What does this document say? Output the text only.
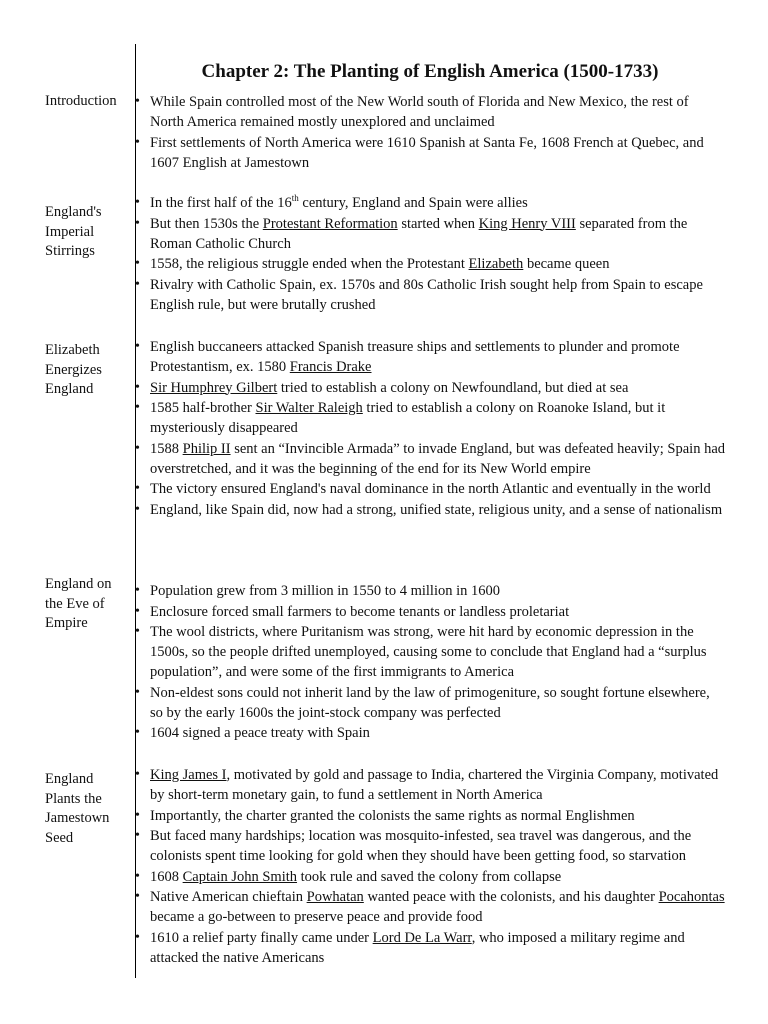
Chapter 2: The Planting of English America (1500-1733)
Introduction
•	While Spain controlled most of the New World south of Florida and New Mexico, the rest of North America remained mostly unexplored and unclaimed
• First settlements of North America were 1610 Spanish at Santa Fe, 1608 French at Quebec, and 1607 English at Jamestown
England's Imperial Stirrings
• In the first half of the 16th century, England and Spain were allies
• But then 1530s the Protestant Reformation started when King Henry VIII separated from the Roman Catholic Church
• 1558, the religious struggle ended when the Protestant Elizabeth became queen
• Rivalry with Catholic Spain, ex. 1570s and 80s Catholic Irish sought help from Spain to escape English rule, but were brutally crushed
Elizabeth Energizes England
• English buccaneers attacked Spanish treasure ships and settlements to plunder and promote Protestantism, ex. 1580 Francis Drake
• Sir Humphrey Gilbert tried to establish a colony on Newfoundland, but died at sea
• 1585 half-brother Sir Walter Raleigh tried to establish a colony on Roanoke Island, but it mysteriously disappeared
• 1588 Philip II sent an “Invincible Armada” to invade England, but was defeated heavily; Spain had overstretched, and it was the beginning of the end for its New World empire
• The victory ensured England's naval dominance in the north Atlantic and eventually in the world
• England, like Spain did, now had a strong, unified state, religious unity, and a sense of nationalism
England on the Eve of Empire
• Population grew from 3 million in 1550 to 4 million in 1600
• Enclosure forced small farmers to become tenants or landless proletariat
• The wool districts, where Puritanism was strong, were hit hard by economic depression in the 1500s, so the people drifted unemployed, causing some to conclude that England had a “surplus population”, and were some of the first immigrants to America
• Non-eldest sons could not inherit land by the law of primogeniture, so sought fortune elsewhere, so by the early 1600s the joint-stock company was perfected
• 1604 signed a peace treaty with Spain
England Plants the Jamestown Seed
• King James I, motivated by gold and passage to India, chartered the Virginia Company, motivated by short-term monetary gain, to fund a settlement in North America
• Importantly, the charter granted the colonists the same rights as normal Englishmen
• But faced many hardships; location was mosquito-infested, sea travel was dangerous, and the colonists spent time looking for gold when they should have been getting food, so starvation
• 1608 Captain John Smith took rule and saved the colony from collapse
• Native American chieftain Powhatan wanted peace with the colonists, and his daughter Pocahontas became a go-between to preserve peace and provide food
• 1610 a relief party finally came under Lord De La Warr, who imposed a military regime and attacked the native Americans
